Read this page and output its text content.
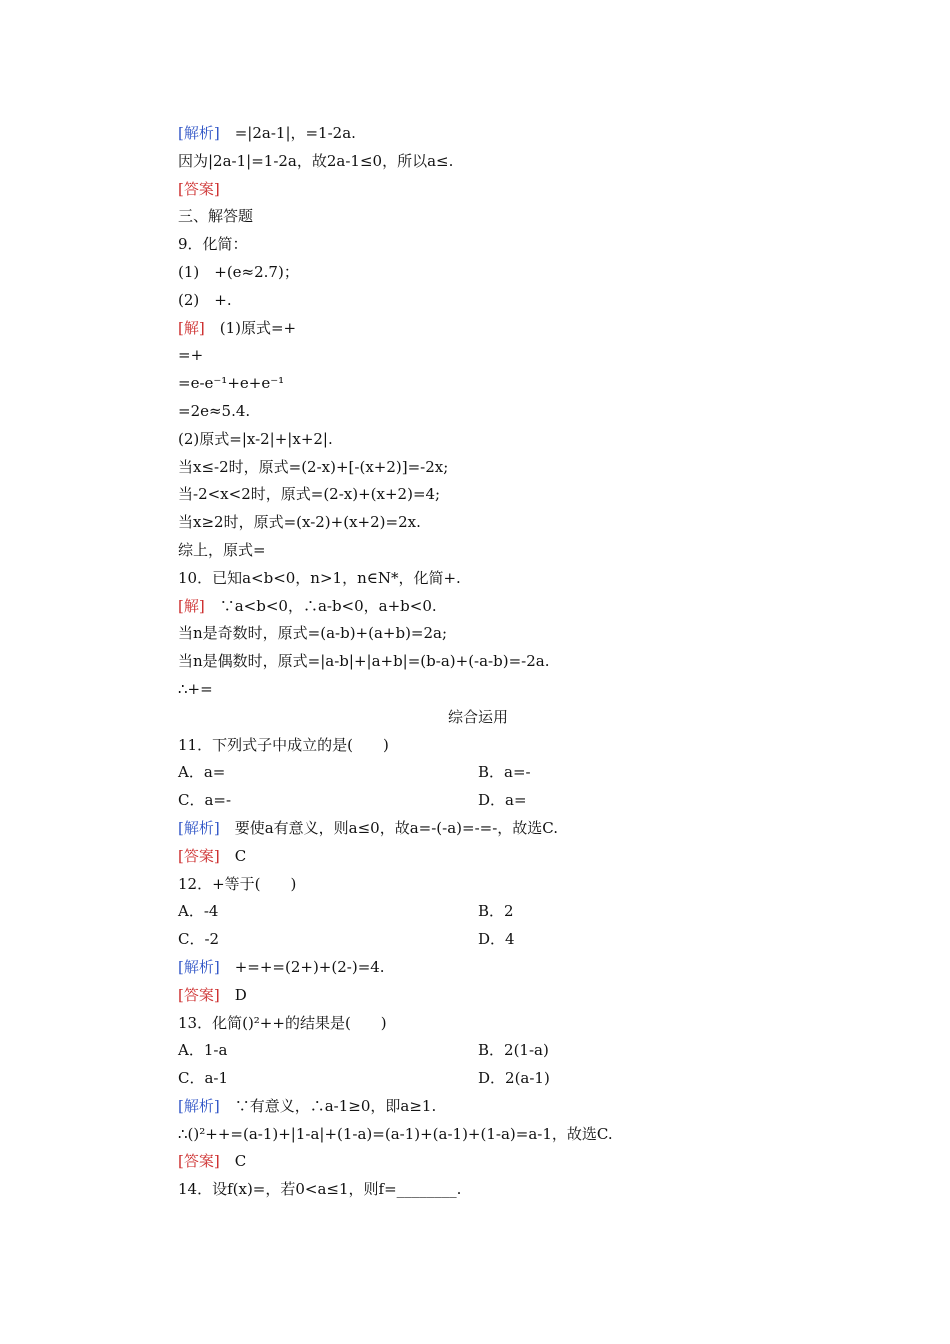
[解析]　=|2a-1|，=1-2a.
因为|2a-1|=1-2a，故2a-1≤0，所以a≤.
[答案]
三、解答题
9．化简：
(1)　+(e≈2.7)；
(2)　+.
[解]　(1)原式=+
=+
=e-e⁻¹+e+e⁻¹
=2e≈5.4.
(2)原式=|x-2|+|x+2|.
当x≤-2时，原式=(2-x)+[-(x+2)]=-2x;
当-2<x<2时，原式=(2-x)+(x+2)=4;
当x≥2时，原式=(x-2)+(x+2)=2x.
综上，原式=
10．已知a<b<0，n>1，n∈N*，化简+.
[解]　∵a<b<0，∴a-b<0，a+b<0.
当n是奇数时，原式=(a-b)+(a+b)=2a;
当n是偶数时，原式=|a-b|+|a+b|=(b-a)+(-a-b)=-2a.
∴+=
综合运用
11．下列式子中成立的是(　　)
A．a=	B．a=-
C．a=-	D．a=
[解析]　要使a有意义，则a≤0，故a=-(-a)=-=-，故选C.
[答案]　C
12．+等于(　　)
A．-4	B．2
C．-2	D．4
[解析]　+=+=(2+)+(2-)=4.
[答案]　D
13．化简()²++的结果是(　　)
A．1-a	B．2(1-a)
C．a-1	D．2(a-1)
[解析]　∵有意义，∴a-1≥0，即a≥1.
∴()²++=(a-1)+|1-a|+(1-a)=(a-1)+(a-1)+(1-a)=a-1，故选C.
[答案]　C
14．设f(x)=，若0<a≤1，则f=________.
